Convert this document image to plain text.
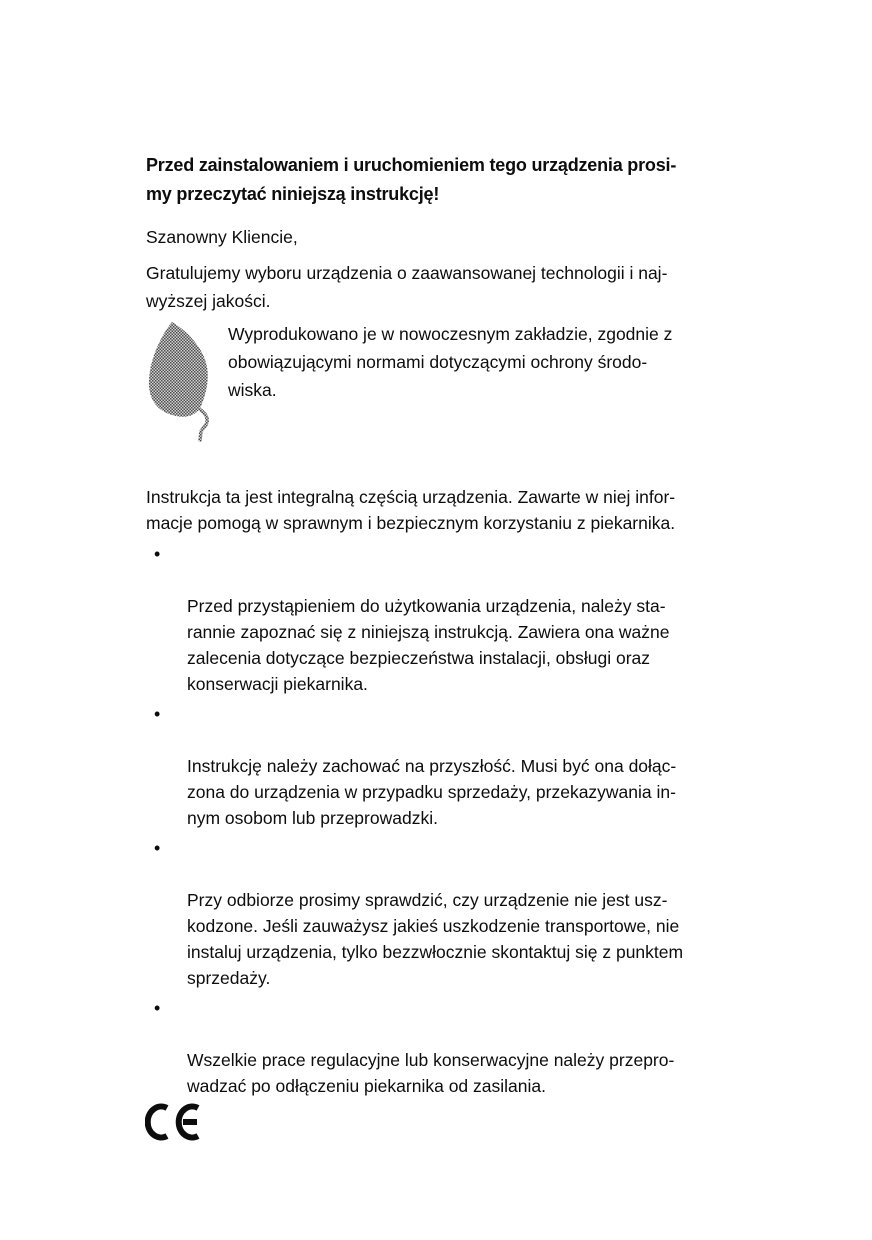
Przed zainstalowaniem i uruchomieniem tego urządzenia prosi-
my przeczytać niniejszą instrukcję!

Szanowny Kliencie,

Gratulujemy wyboru urządzenia o zaawansowanej technologii i naj-
wyższej jakości.

Wyprodukowano je w nowoczesnym zakładzie, zgodnie z
obowiązującymi normami dotyczącymi ochrony środo-
wiska.

Instrukcja ta jest integralną częścią urządzenia. Zawarte w niej infor-
macje pomogą w sprawnym i bezpiecznym korzystaniu z piekarnika.

•

Przed przystąpieniem do użytkowania urządzenia, należy sta-
rannie zapoznać się z niniejszą instrukcją. Zawiera ona ważne
zalecenia dotyczące bezpieczeństwa instalacji, obsługi oraz
konserwacji piekarnika.

•

Instrukcję należy zachować na przyszłość. Musi być ona dołąc-
zona do urządzenia w przypadku sprzedaży, przekazywania in-
nym osobom lub przeprowadzki.

•

Przy odbiorze prosimy sprawdzić, czy urządzenie nie jest usz-
kodzone. Jeśli zauważysz jakieś uszkodzenie transportowe, nie
instaluj urządzenia, tylko bezzwłocznie skontaktuj się z punktem
sprzedaży.

•

Wszelkie prace regulacyjne lub konserwacyjne należy przepro-
wadzać po odłączeniu piekarnika od zasilania.
